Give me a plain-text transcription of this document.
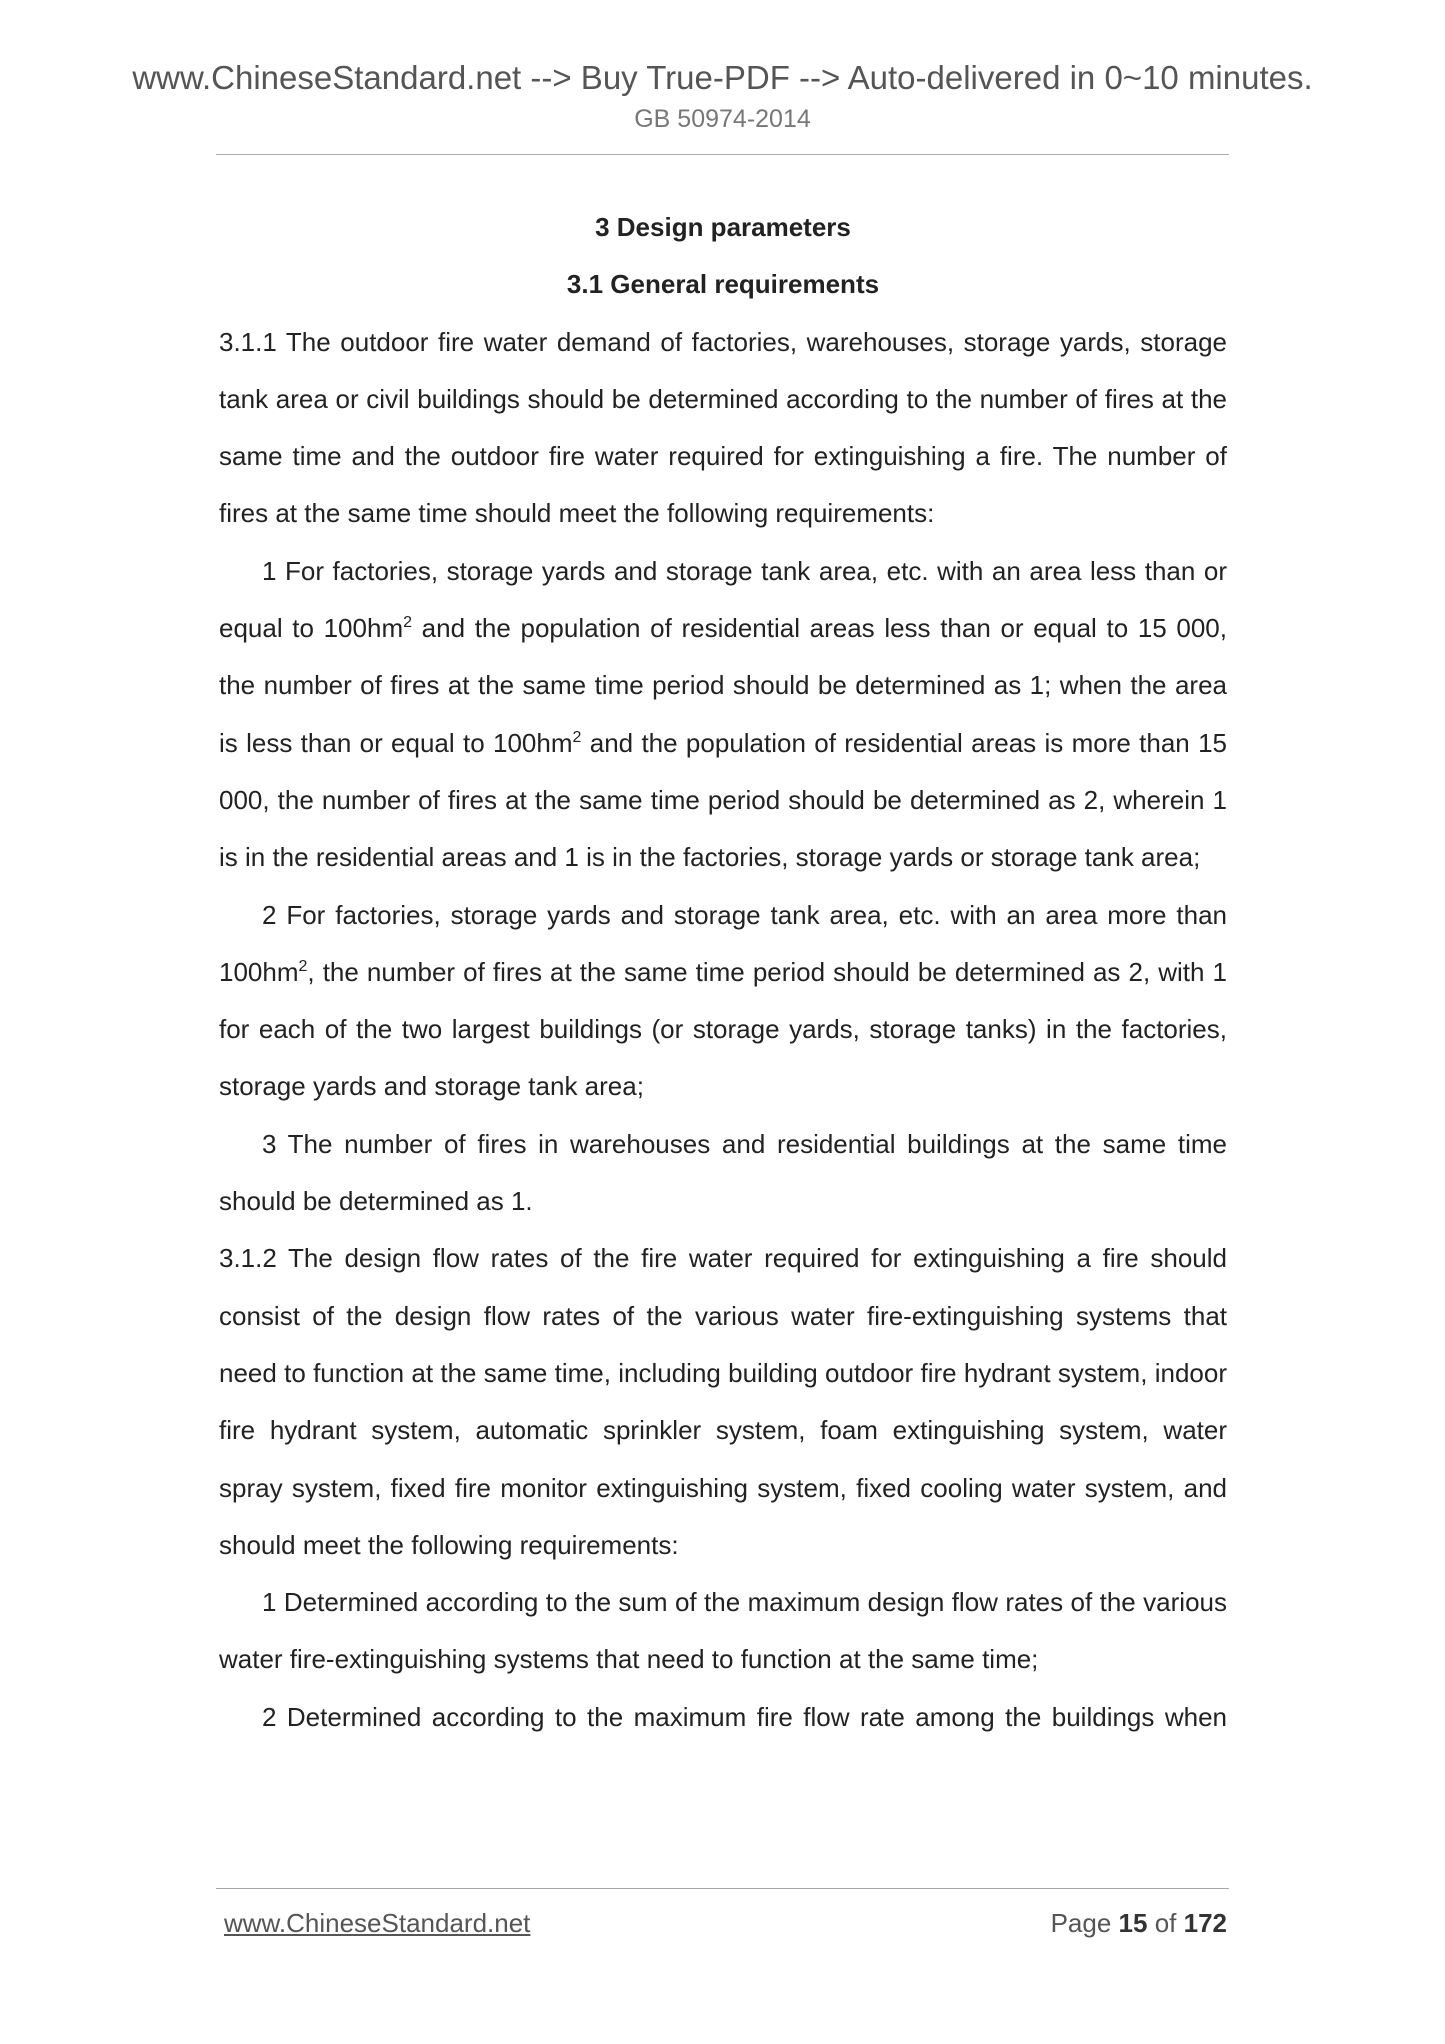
www.ChineseStandard.net --> Buy True-PDF --> Auto-delivered in 0~10 minutes.
GB 50974-2014
3 Design parameters
3.1 General requirements

3.1.1 The outdoor fire water demand of factories, warehouses, storage yards, storage tank area or civil buildings should be determined according to the number of fires at the same time and the outdoor fire water required for extinguishing a fire. The number of fires at the same time should meet the following requirements:

1 For factories, storage yards and storage tank area, etc. with an area less than or equal to $100hm^2$ and the population of residential areas less than or equal to 15 000, the number of fires at the same time period should be determined as 1; when the area is less than or equal to $100hm^2$ and the population of residential areas is more than 15 000, the number of fires at the same time period should be determined as 2, wherein 1 is in the residential areas and 1 is in the factories, storage yards or storage tank area;

2 For factories, storage yards and storage tank area, etc. with an area more than $100hm^2$, the number of fires at the same time period should be determined as 2, with 1 for each of the two largest buildings (or storage yards, storage tanks) in the factories, storage yards and storage tank area;

3 The number of fires in warehouses and residential buildings at the same time should be determined as 1.

3.1.2 The design flow rates of the fire water required for extinguishing a fire should consist of the design flow rates of the various water fire-extinguishing systems that need to function at the same time, including building outdoor fire hydrant system, indoor fire hydrant system, automatic sprinkler system, foam extinguishing system, water spray system, fixed fire monitor extinguishing system, fixed cooling water system, and should meet the following requirements:

1 Determined according to the sum of the maximum design flow rates of the various water fire-extinguishing systems that need to function at the same time;

2 Determined according to the maximum fire flow rate among the buildings when

www.ChineseStandard.net	Page 15 of 172
